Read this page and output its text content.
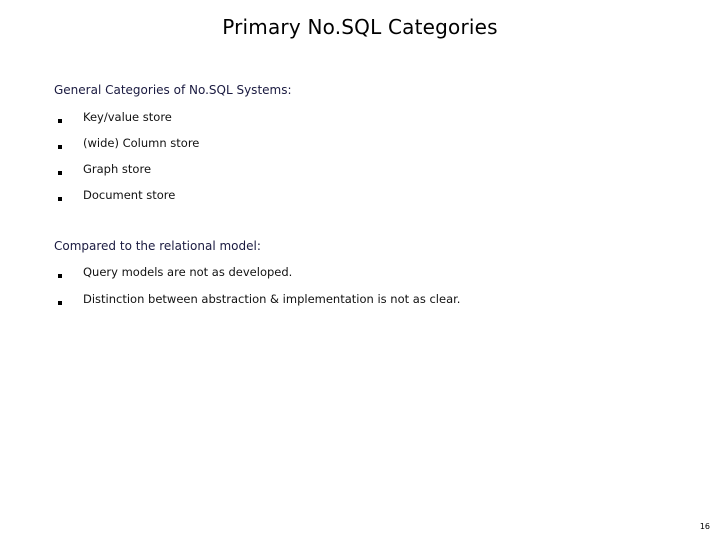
Primary No.SQL Categories
General Categories of No.SQL Systems:
Key/value store
(wide) Column store
Graph store
Document store
Compared to the relational model:
Query models are not as developed.
Distinction between abstraction & implementation is not as clear.
16
